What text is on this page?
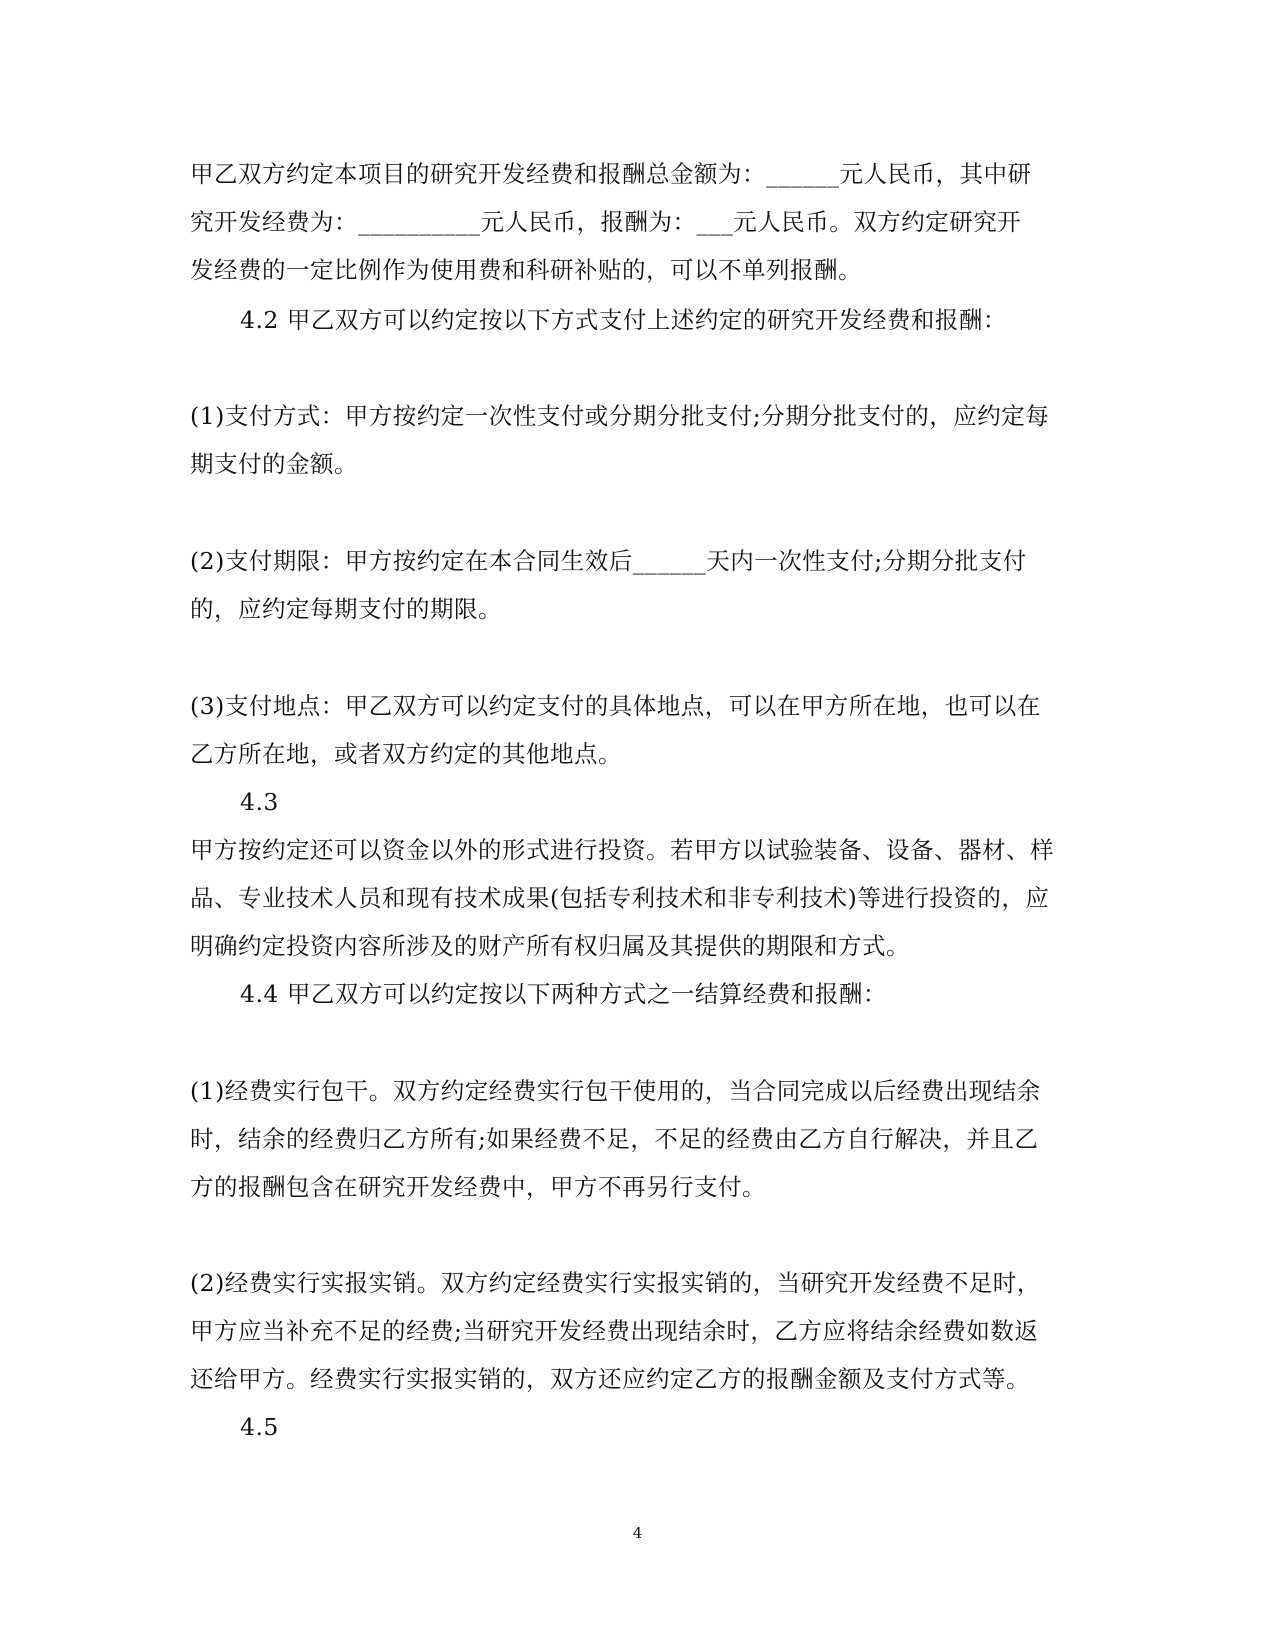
甲乙双方约定本项目的研究开发经费和报酬总金额为：______元人民币，其中研
究开发经费为：__________元人民币，报酬为：___元人民币。双方约定研究开
发经费的一定比例作为使用费和科研补贴的，可以不单列报酬。
4.2 甲乙双方可以约定按以下方式支付上述约定的研究开发经费和报酬：
(1)支付方式：甲方按约定一次性支付或分期分批支付;分期分批支付的，应约定每
期支付的金额。
(2)支付期限：甲方按约定在本合同生效后______天内一次性支付;分期分批支付
的，应约定每期支付的期限。
(3)支付地点：甲乙双方可以约定支付的具体地点，可以在甲方所在地，也可以在
乙方所在地，或者双方约定的其他地点。
4.3
甲方按约定还可以资金以外的形式进行投资。若甲方以试验装备、设备、器材、样
品、专业技术人员和现有技术成果(包括专利技术和非专利技术)等进行投资的，应
明确约定投资内容所涉及的财产所有权归属及其提供的期限和方式。
4.4 甲乙双方可以约定按以下两种方式之一结算经费和报酬：
(1)经费实行包干。双方约定经费实行包干使用的，当合同完成以后经费出现结余
时，结余的经费归乙方所有;如果经费不足，不足的经费由乙方自行解决，并且乙
方的报酬包含在研究开发经费中，甲方不再另行支付。
(2)经费实行实报实销。双方约定经费实行实报实销的，当研究开发经费不足时，
甲方应当补充不足的经费;当研究开发经费出现结余时，乙方应将结余经费如数返
还给甲方。经费实行实报实销的，双方还应约定乙方的报酬金额及支付方式等。
4.5
4
